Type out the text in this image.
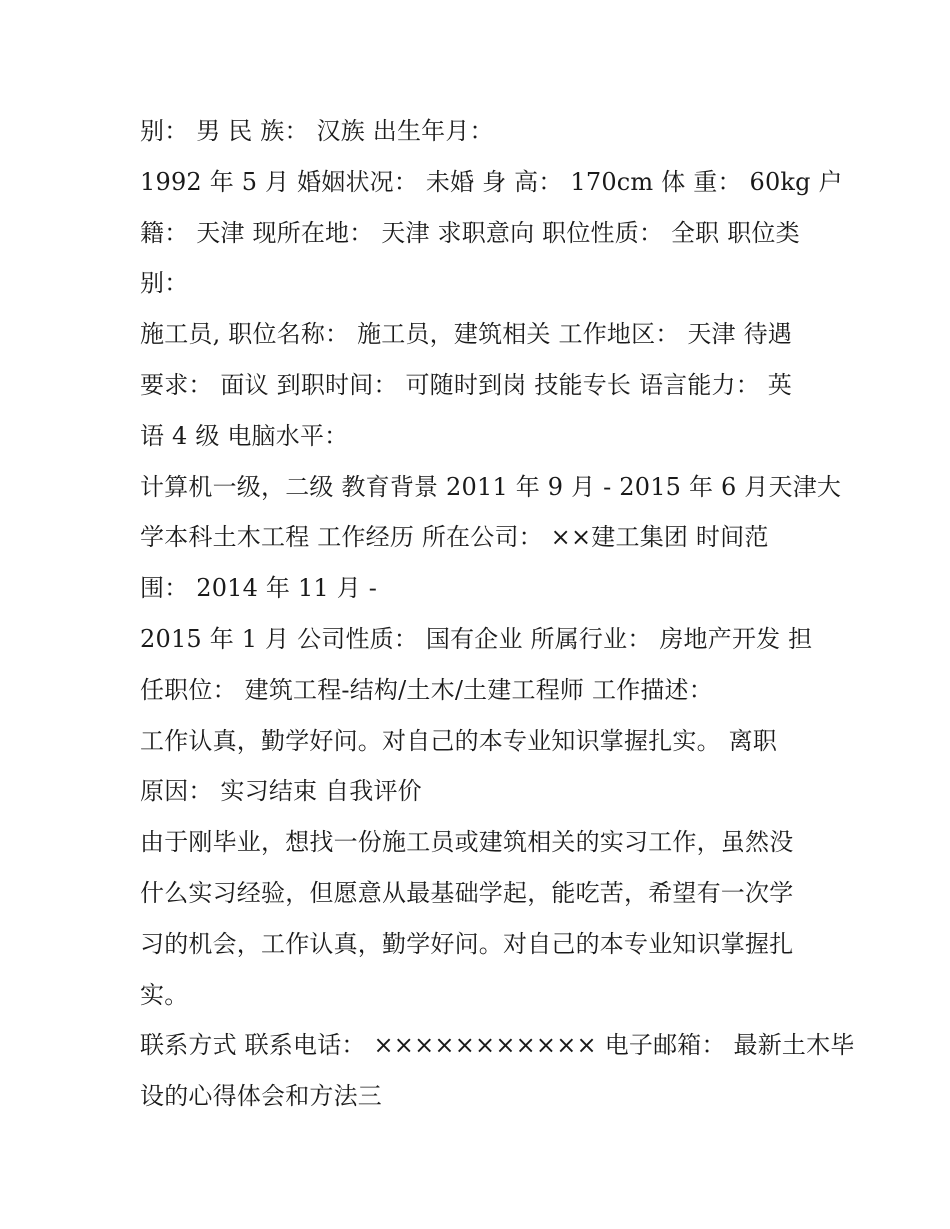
别： 男 民 族： 汉族 出生年月：
1992 年 5 月 婚姻状况： 未婚 身 高： 170cm 体 重： 60kg 户
籍： 天津 现所在地： 天津 求职意向 职位性质： 全职 职位类
别：
施工员, 职位名称： 施工员，建筑相关 工作地区： 天津 待遇
要求： 面议 到职时间： 可随时到岗 技能专长 语言能力： 英
语 4 级 电脑水平：
计算机一级，二级 教育背景 2011 年 9 月 - 2015 年 6 月天津大
学本科土木工程 工作经历 所在公司： ××建工集团 时间范
围： 2014 年 11 月 -
2015 年 1 月 公司性质： 国有企业 所属行业： 房地产开发 担
任职位： 建筑工程-结构/土木/土建工程师 工作描述：
工作认真，勤学好问。对自己的本专业知识掌握扎实。 离职
原因： 实习结束 自我评价
由于刚毕业，想找一份施工员或建筑相关的实习工作，虽然没
什么实习经验，但愿意从最基础学起，能吃苦，希望有一次学
习的机会，工作认真，勤学好问。对自己的本专业知识掌握扎
实。
联系方式 联系电话： ××××××××××× 电子邮箱： 最新土木毕
设的心得体会和方法三
